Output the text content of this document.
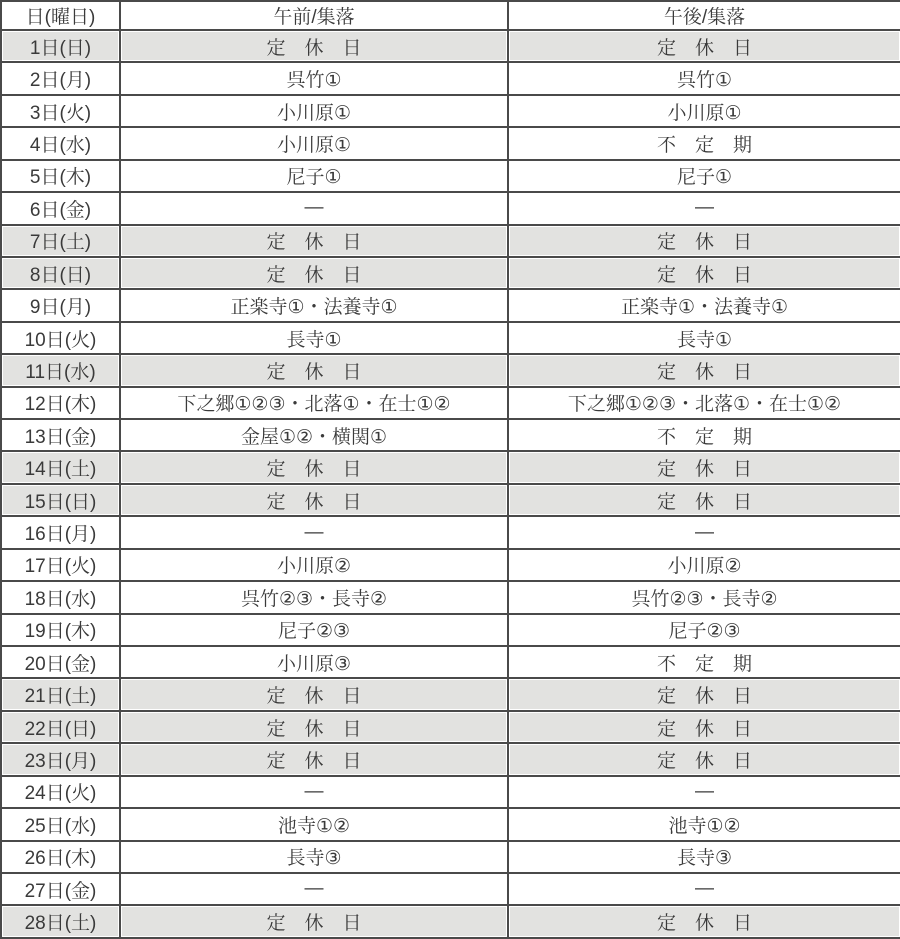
日(曜日)	午前/集落	午後/集落
1日(日)	定　休　日	定　休　日
2日(月)	呉竹①	呉竹①
3日(火)	小川原①	小川原①
4日(水)	小川原①	不　定　期
5日(木)	尼子①	尼子①
6日(金)	—	—
7日(土)	定　休　日	定　休　日
8日(日)	定　休　日	定　休　日
9日(月)	正楽寺①・法養寺①	正楽寺①・法養寺①
10日(火)	長寺①	長寺①
11日(水)	定　休　日	定　休　日
12日(木)	下之郷①②③・北落①・在士①②	下之郷①②③・北落①・在士①②
13日(金)	金屋①②・横関①	不　定　期
14日(土)	定　休　日	定　休　日
15日(日)	定　休　日	定　休　日
16日(月)	—	—
17日(火)	小川原②	小川原②
18日(水)	呉竹②③・長寺②	呉竹②③・長寺②
19日(木)	尼子②③	尼子②③
20日(金)	小川原③	不　定　期
21日(土)	定　休　日	定　休　日
22日(日)	定　休　日	定　休　日
23日(月)	定　休　日	定　休　日
24日(火)	—	—
25日(水)	池寺①②	池寺①②
26日(木)	長寺③	長寺③
27日(金)	—	—
28日(土)	定　休　日	定　休　日
